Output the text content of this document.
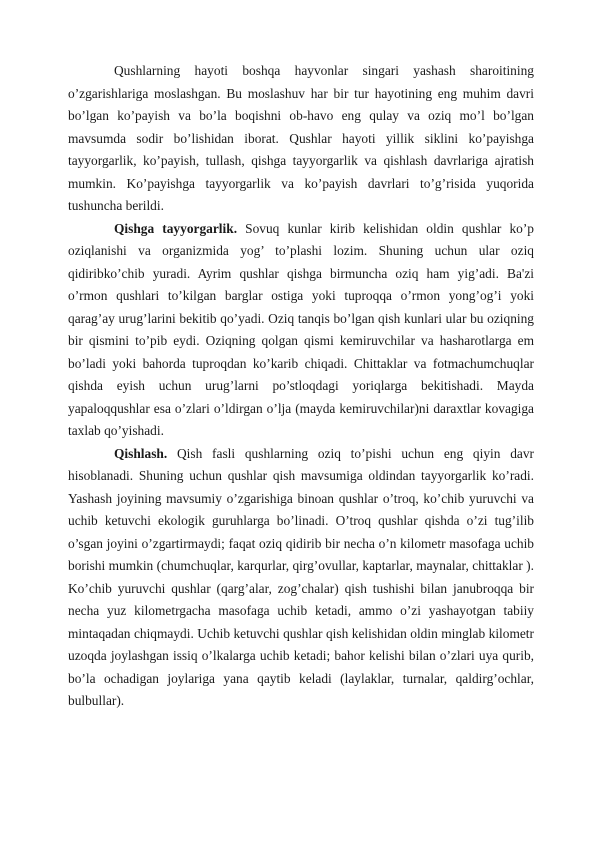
Qushlarning hayoti boshqa hayvonlar singari yashash sharoitining o’zgarishlariga moslashgan. Bu moslashuv har bir tur hayotining eng muhim davri bo’lgan ko’payish va bo’la boqishni ob-havo eng qulay va oziq mo’l bo’lgan mavsumda sodir bo’lishidan iborat. Qushlar hayoti yillik siklini ko’payishga tayyorgarlik, ko’payish, tullash, qishga tayyorgarlik va qishlash davrlariga ajratish mumkin. Ko’payishga tayyorgarlik va ko’payish davrlari to’g’risida yuqorida tushuncha berildi.

Qishga tayyorgarlik. Sovuq kunlar kirib kelishidan oldin qushlar ko’p oziqlanishi va organizmida yog’ to’plashi lozim. Shuning uchun ular oziq qidiribko’chib yuradi. Ayrim qushlar qishga birmuncha oziq ham yig’adi. Ba'zi o’rmon qushlari to’kilgan barglar ostiga yoki tuproqqa o’rmon yong’og’i yoki qarag’ay urug’larini bekitib qo’yadi. Oziq tanqis bo’lgan qish kunlari ular bu oziqning bir qismini to’pib eydi. Oziqning qolgan qismi kemiruvchilar va hasharotlarga em bo’ladi yoki bahorda tuproqdan ko’karib chiqadi. Chittaklar va fotmachumchuqlar qishda eyish uchun urug’larni po’stloqdagi yoriqlarga bekitishadi. Mayda yapaloqqushlar esa o’zlari o’ldirgan o’lja (mayda kemiruvchilar)ni daraxtlar kovagiga taxlab qo’yishadi.

Qishlash. Qish fasli qushlarning oziq to’pishi uchun eng qiyin davr hisoblanadi. Shuning uchun qushlar qish mavsumiga oldindan tayyorgarlik ko’radi. Yashash joyining mavsumiy o’zgarishiga binoan qushlar o’troq, ko’chib yuruvchi va uchib ketuvchi ekologik guruhlarga bo’linadi. O’troq qushlar qishda o’zi tug’ilib o’sgan joyini o’zgartirmaydi; faqat oziq qidirib bir necha o’n kilometr masofaga uchib borishi mumkin (chumchuqlar, karqurlar, qirg’ovullar, kaptarlar, maynalar, chittaklar ). Ko’chib yuruvchi qushlar (qarg’alar, zog’chalar) qish tushishi bilan janubroqqa bir necha yuz kilometrgacha masofaga uchib ketadi, ammo o’zi yashayotgan tabiiy mintaqadan chiqmaydi. Uchib ketuvchi qushlar qish kelishidan oldin minglab kilometr uzoqda joylashgan issiq o’lkalarga uchib ketadi; bahor kelishi bilan o’zlari uya qurib, bo’la ochadigan joylariga yana qaytib keladi (laylaklar, turnalar, qaldirg’ochlar, bulbullar).
